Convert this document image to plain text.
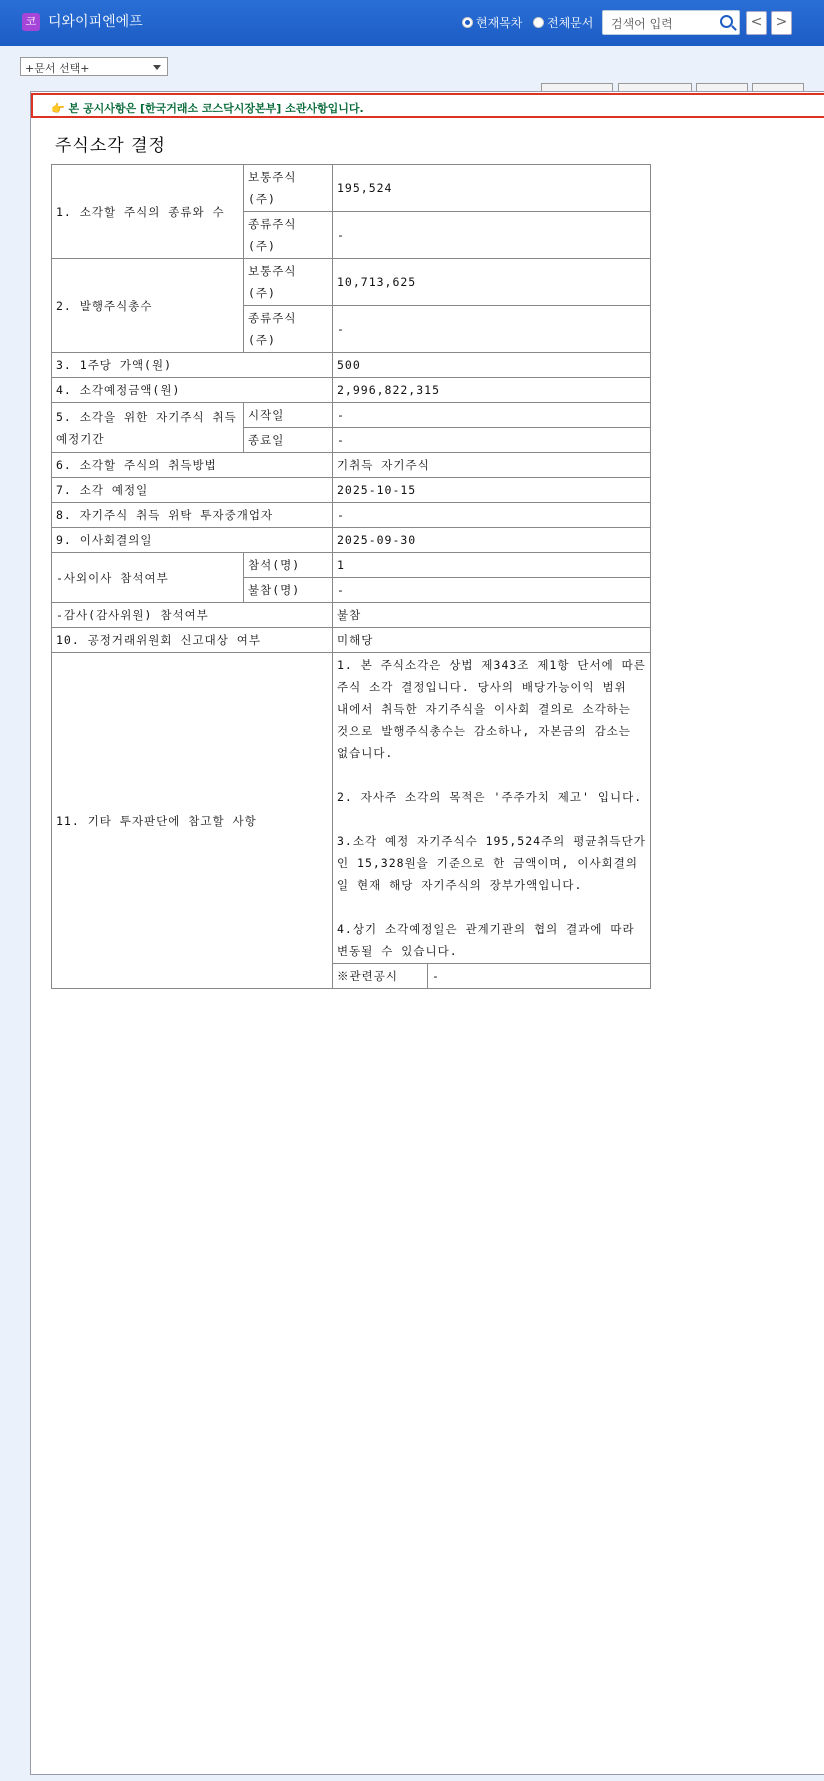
코 디와이피엔에프	현재목차 전체문서
검색어 입력	< >
+문서 선택+
👉 본 공시사항은 [한국거래소 코스닥시장본부] 소관사항입니다.
주식소각 결정
1. 소각할 주식의 종류와 수	보통주식 (주)	195,524	
	종류주식 (주)	-	
2. 발행주식총수	보통주식 (주)	10,713,625	
	종류주식 (주)	-	
3. 1주당 가액(원)		500	
4. 소각예정금액(원)		2,996,822,315	
5. 소각을 위한 자기주식 취득 예정기간	시작일	-	
	종료일	-	
6. 소각할 주식의 취득방법		기취득 자기주식	
7. 소각 예정일		2025-10-15	
8. 자기주식 취득 위탁 투자중개업자		-	
9. 이사회결의일		2025-09-30	
-사외이사 참석여부	참석(명)	1	
	불참(명)	-	
-감사(감사위원) 참석여부		불참	
10. 공정거래위원회 신고대상 여부		미해당	
11. 기타 투자판단에 참고할 사항		1. 본 주식소각은 상법 제343조 제1항 단서에 따른 주식 소각 결정입니다. 당사의 배당가능이익 범위 내에서 취득한 자기주식을 이사회 결의로 소각하는 것으로 발행주식총수는 감소하나, 자본금의 감소는 없습니다.
2. 자사주 소각의 목적은 '주주가치 제고' 입니다.
3.소각 예정 자기주식수 195,524주의 평균취득단가인 15,328원을 기준으로 한 금액이며, 이사회결의일 현재 해당 자기주식의 장부가액입니다.
4.상기 소각예정일은 관계기관의 협의 결과에 따라 변동될 수 있습니다.	

		※관련공시	-
